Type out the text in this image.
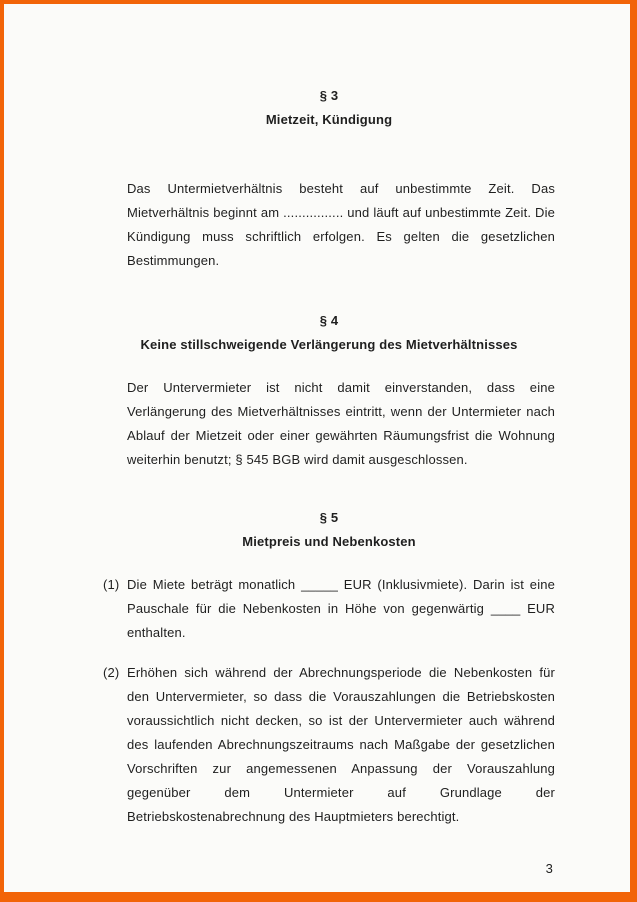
§ 3
Mietzeit, Kündigung

Das Untermietverhältnis besteht auf unbestimmte Zeit. Das Mietverhältnis beginnt am ................ und läuft auf unbestimmte Zeit. Die Kündigung muss schriftlich erfolgen. Es gelten die gesetzlichen Bestimmungen.

§ 4
Keine stillschweigende Verlängerung des Mietverhältnisses

Der Untervermieter ist nicht damit einverstanden, dass eine Verlängerung des Mietverhältnisses eintritt, wenn der Untermieter nach Ablauf der Mietzeit oder einer gewährten Räumungsfrist die Wohnung weiterhin benutzt; § 545 BGB wird damit ausgeschlossen.

§ 5
Mietpreis und Nebenkosten
(1) Die Miete beträgt monatlich _____ EUR (Inklusivmiete). Darin ist eine Pauschale für die Nebenkosten in Höhe von gegenwärtig ____ EUR enthalten.
(2) Erhöhen sich während der Abrechnungsperiode die Nebenkosten für den Untervermieter, so dass die Vorauszahlungen die Betriebskosten voraussichtlich nicht decken, so ist der Untervermieter auch während des laufenden Abrechnungszeitraums nach Maßgabe der gesetzlichen Vorschriften zur angemessenen Anpassung der Vorauszahlung gegenüber dem Untermieter auf Grundlage der Betriebskostenabrechnung des Hauptmieters berechtigt.
3
